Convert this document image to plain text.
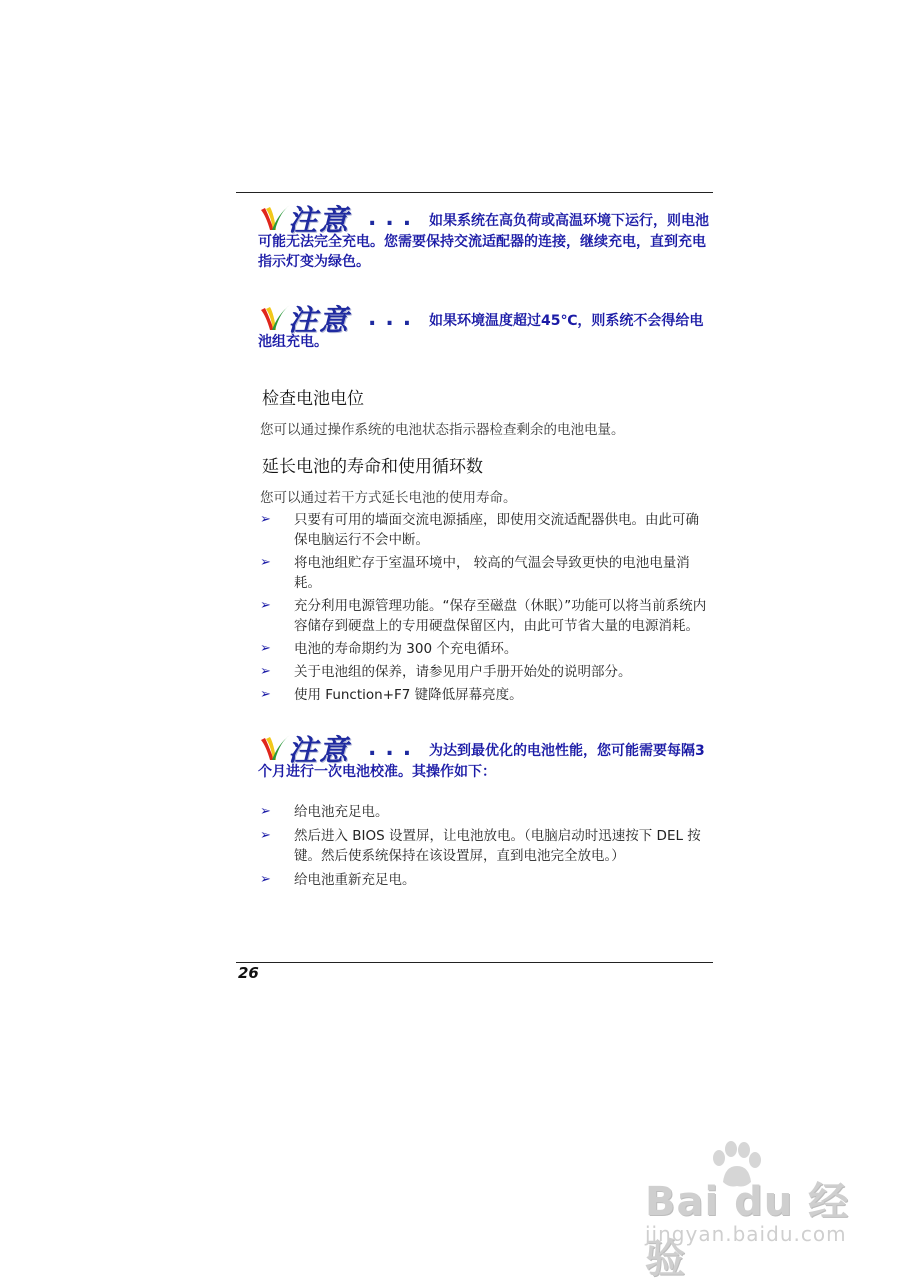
注意 ... 如果系统在高负荷或高温环境下运行，则电池可能无法完全充电。您需要保持交流适配器的连接，继续充电，直到充电指示灯变为绿色。
注意 ... 如果环境温度超过45℃，则系统不会得给电池组充电。
检查电池电位
您可以通过操作系统的电池状态指示器检查剩余的电池电量。
延长电池的寿命和使用循环数
您可以通过若干方式延长电池的使用寿命。
➢ 只要有可用的墙面交流电源插座，即使用交流适配器供电。由此可确保电脑运行不会中断。
➢ 将电池组贮存于室温环境中， 较高的气温会导致更快的电池电量消耗。
➢ 充分利用电源管理功能。“保存至磁盘（休眠）”功能可以将当前系统内容储存到硬盘上的专用硬盘保留区内，由此可节省大量的电源消耗。
➢ 电池的寿命期约为 300 个充电循环。
➢ 关于电池组的保养，请参见用户手册开始处的说明部分。
➢ 使用 Function+F7 键降低屏幕亮度。
注意 ... 为达到最优化的电池性能，您可能需要每隔3个月进行一次电池校准。其操作如下：
➢ 给电池充足电。
➢ 然后进入 BIOS 设置屏，让电池放电。（电脑启动时迅速按下 DEL 按键。然后使系统保持在该设置屏，直到电池完全放电。）
➢ 给电池重新充足电。
26
Bai du 经验
jingyan.baidu.com
